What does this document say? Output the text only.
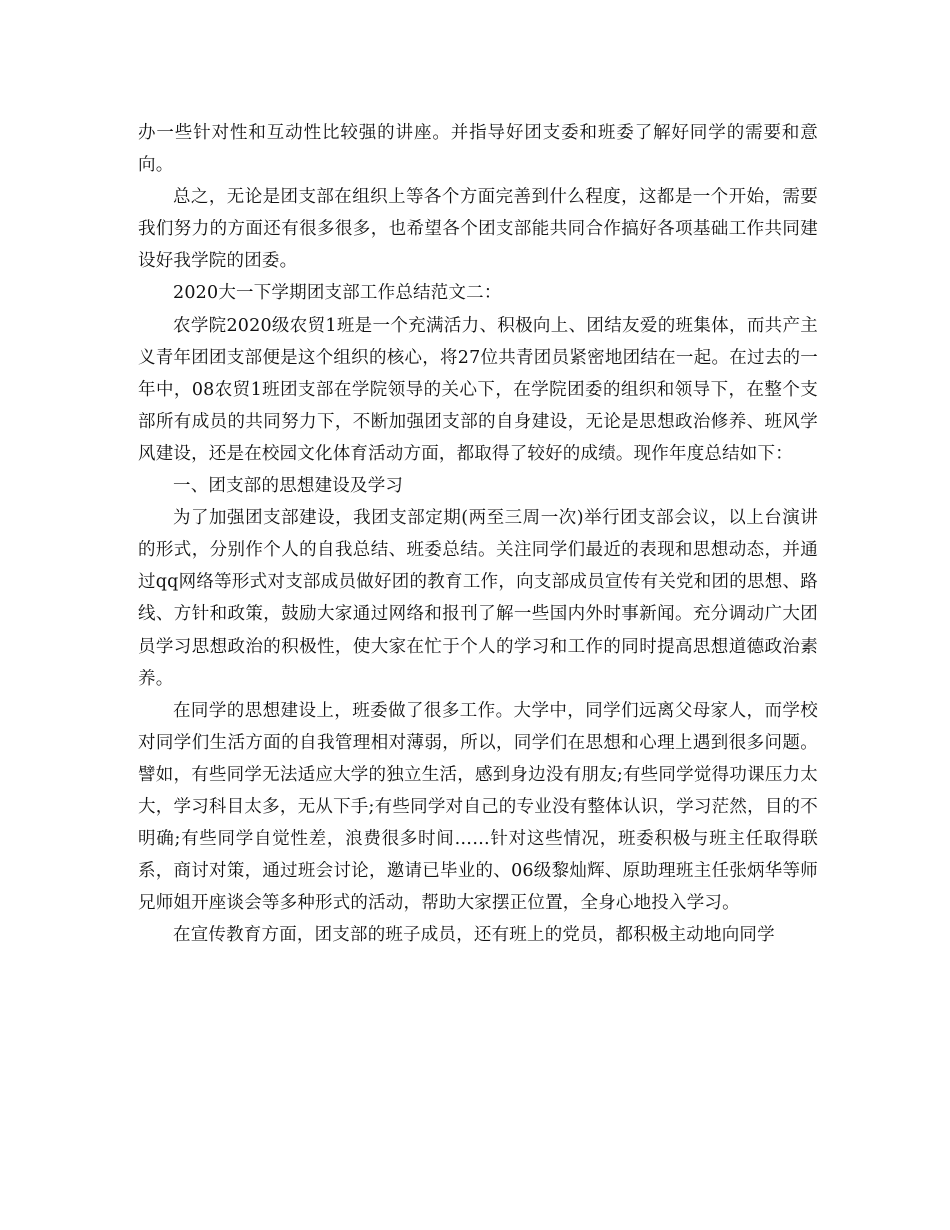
办一些针对性和互动性比较强的讲座。并指导好团支委和班委了解好同学的需要和意向。

总之，无论是团支部在组织上等各个方面完善到什么程度，这都是一个开始，需要我们努力的方面还有很多很多，也希望各个团支部能共同合作搞好各项基础工作共同建设好我学院的团委。

2020大一下学期团支部工作总结范文二：

农学院2020级农贸1班是一个充满活力、积极向上、团结友爱的班集体，而共产主义青年团团支部便是这个组织的核心，将27位共青团员紧密地团结在一起。在过去的一年中，08农贸1班团支部在学院领导的关心下，在学院团委的组织和领导下，在整个支部所有成员的共同努力下，不断加强团支部的自身建设，无论是思想政治修养、班风学风建设，还是在校园文化体育活动方面，都取得了较好的成绩。现作年度总结如下：

一、团支部的思想建设及学习

为了加强团支部建设，我团支部定期(两至三周一次)举行团支部会议，以上台演讲的形式，分别作个人的自我总结、班委总结。关注同学们最近的表现和思想动态，并通过qq网络等形式对支部成员做好团的教育工作，向支部成员宣传有关党和团的思想、路线、方针和政策，鼓励大家通过网络和报刊了解一些国内外时事新闻。充分调动广大团员学习思想政治的积极性，使大家在忙于个人的学习和工作的同时提高思想道德政治素养。

在同学的思想建设上，班委做了很多工作。大学中，同学们远离父母家人，而学校对同学们生活方面的自我管理相对薄弱，所以，同学们在思想和心理上遇到很多问题。譬如，有些同学无法适应大学的独立生活，感到身边没有朋友;有些同学觉得功课压力太大，学习科目太多，无从下手;有些同学对自己的专业没有整体认识，学习茫然，目的不明确;有些同学自觉性差，浪费很多时间……针对这些情况，班委积极与班主任取得联系，商讨对策，通过班会讨论，邀请已毕业的、06级黎灿辉、原助理班主任张炳华等师兄师姐开座谈会等多种形式的活动，帮助大家摆正位置，全身心地投入学习。

在宣传教育方面，团支部的班子成员，还有班上的党员，都积极主动地向同学
